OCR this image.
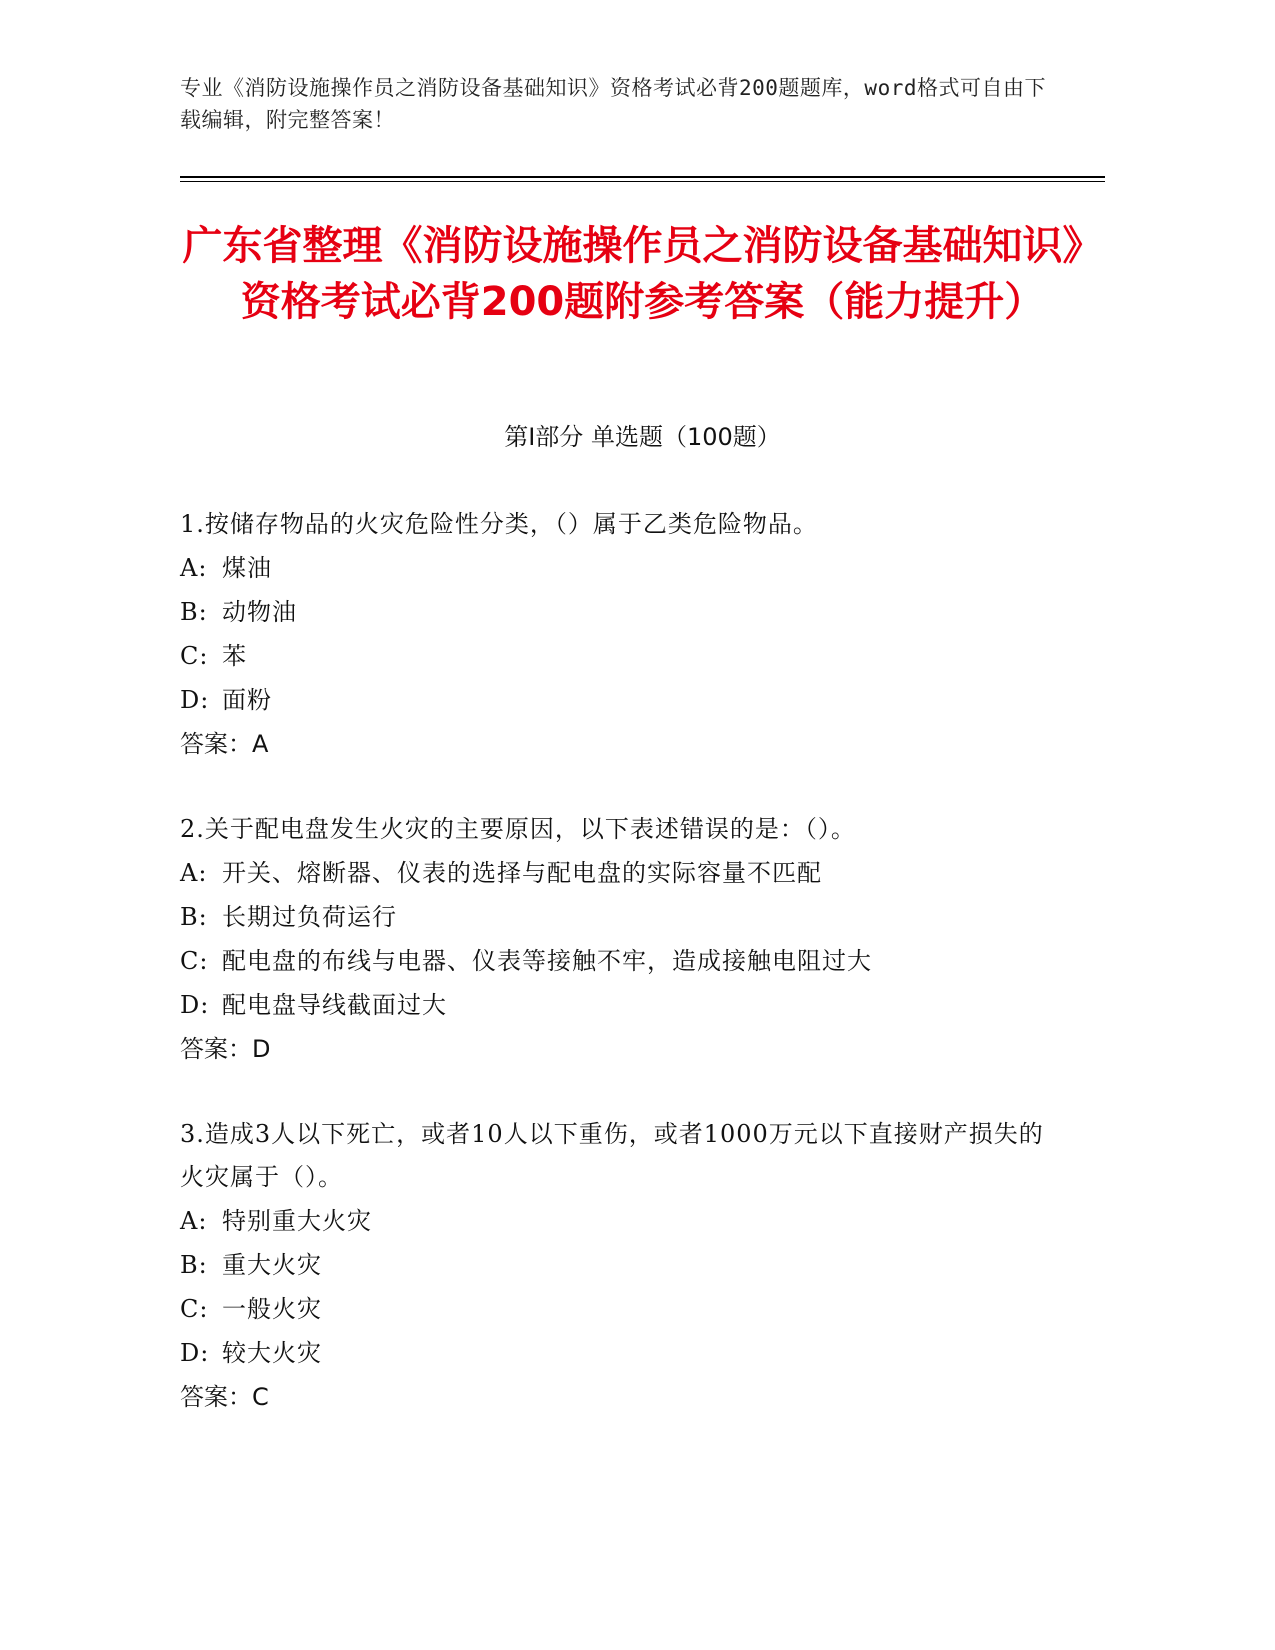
专业《消防设施操作员之消防设备基础知识》资格考试必背200题题库，word格式可自由下载编辑，附完整答案！
广东省整理《消防设施操作员之消防设备基础知识》资格考试必背200题附参考答案（能力提升）
第Ⅰ部分 单选题（100题）
1.按储存物品的火灾危险性分类，（）属于乙类危险物品。
A: 煤油
B: 动物油
C: 苯
D: 面粉
答案：A
2.关于配电盘发生火灾的主要原因，以下表述错误的是：（）。
A: 开关、熔断器、仪表的选择与配电盘的实际容量不匹配
B: 长期过负荷运行
C: 配电盘的布线与电器、仪表等接触不牢，造成接触电阻过大
D: 配电盘导线截面过大
答案：D
3.造成3人以下死亡，或者10人以下重伤，或者1000万元以下直接财产损失的火灾属于（）。
A: 特别重大火灾
B: 重大火灾
C: 一般火灾
D: 较大火灾
答案：C
